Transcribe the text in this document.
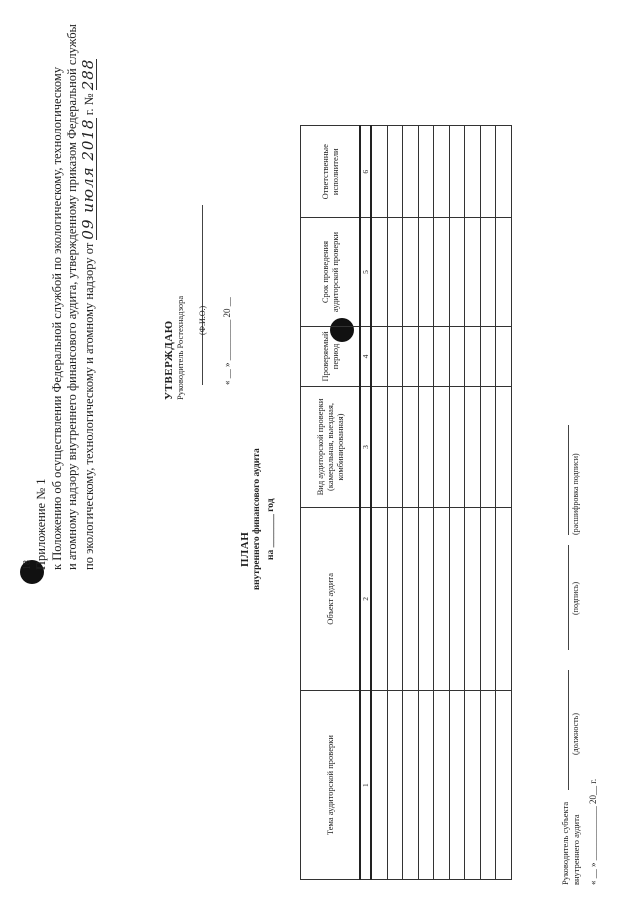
18 Приложение № 1 к Положению об осуществлении Федеральной службой по экологическому, технологическому и атомному надзору внутреннего финансового аудита, утвержденному приказом Федеральной службы по экологическому, технологическому и атомному надзору от 09 июля 2018 г. № 288
УТВЕРЖДАЮ Руководитель Ростехнадзора (Ф.И.О.) « __ » _________ 20 __
ПЛАН внутреннего финансового аудита на _______ год
Тема аудиторской проверки	Объект аудита	Вид аудиторской проверки (камеральная, выездная, комбинированная)	Проверяемый период	Срок проведения аудиторской проверки	Ответственные исполнители
1	2	3	4	5	6

Руководитель субъекта внутреннего аудита
(должность)
(подпись)
(расшифровка подписи)
« __ » ____________ 20__ г.
